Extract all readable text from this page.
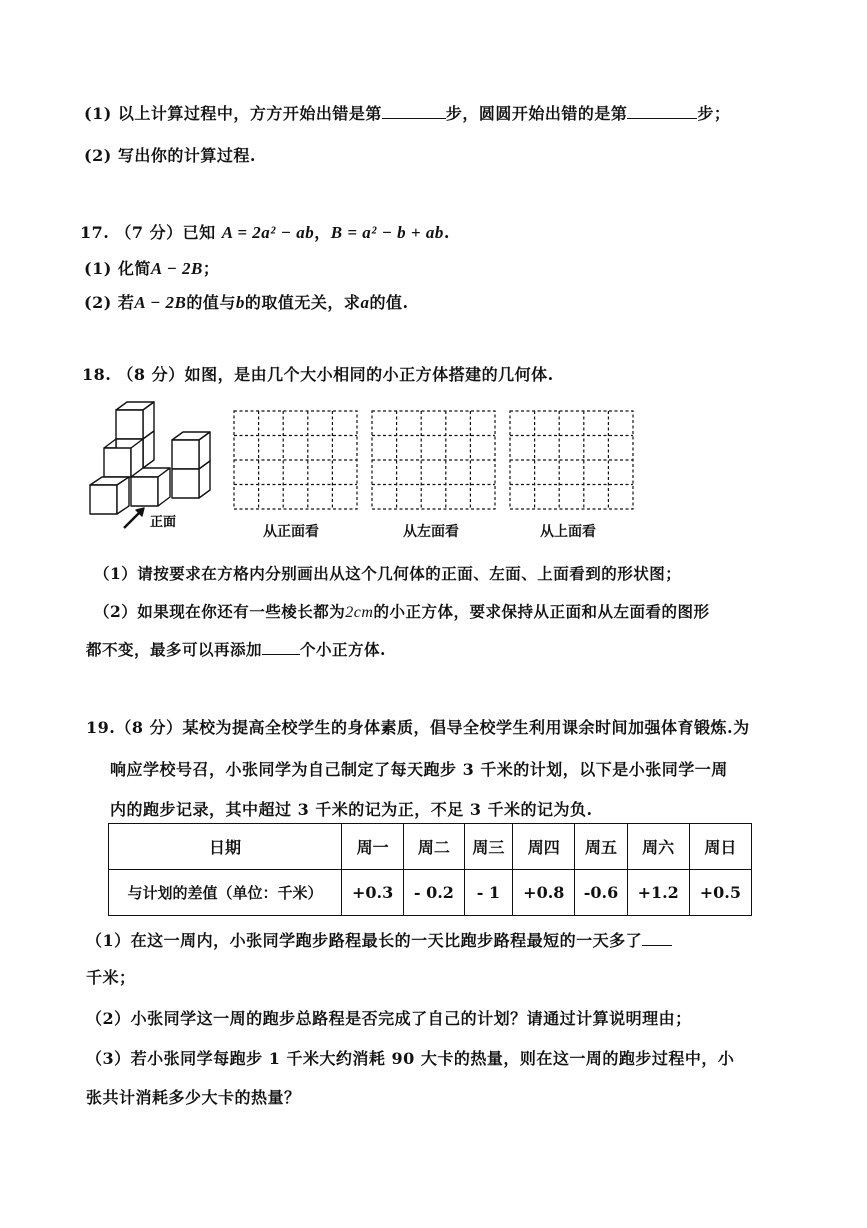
(1) 以上计算过程中，方方开始出错是第	步，圆圆开始出错的是第	步；
(2) 写出你的计算过程.
17. （7 分）已知 A = 2a² − ab，B = a² − b + ab.
(1) 化简A − 2B；
(2) 若A − 2B的值与b的取值无关，求a的值.
18. （8 分）如图，是由几个大小相同的小正方体搭建的几何体.
正面
从正面看	从左面看	从上面看
（1）请按要求在方格内分别画出从这个几何体的正面、左面、上面看到的形状图；
（2）如果现在你还有一些棱长都为2cm的小正方体，要求保持从正面和从左面看的图形
都不变，最多可以再添加 个小正方体.
19.（8 分）某校为提高全校学生的身体素质，倡导全校学生利用课余时间加强体育锻炼.为
响应学校号召，小张同学为自己制定了每天跑步 3 千米的计划，以下是小张同学一周
内的跑步记录，其中超过 3 千米的记为正，不足 3 千米的记为负.
日期	周一	周二	周三	周四	周五	周六	周日
与计划的差值（单位：千米）	+0.3	- 0.2	- 1	+0.8	-0.6	+1.2	+0.5
（1）在这一周内，小张同学跑步路程最长的一天比跑步路程最短的一天多了
千米；
（2）小张同学这一周的跑步总路程是否完成了自己的计划？请通过计算说明理由；
（3）若小张同学每跑步 1 千米大约消耗 90 大卡的热量，则在这一周的跑步过程中，小
张共计消耗多少大卡的热量？
